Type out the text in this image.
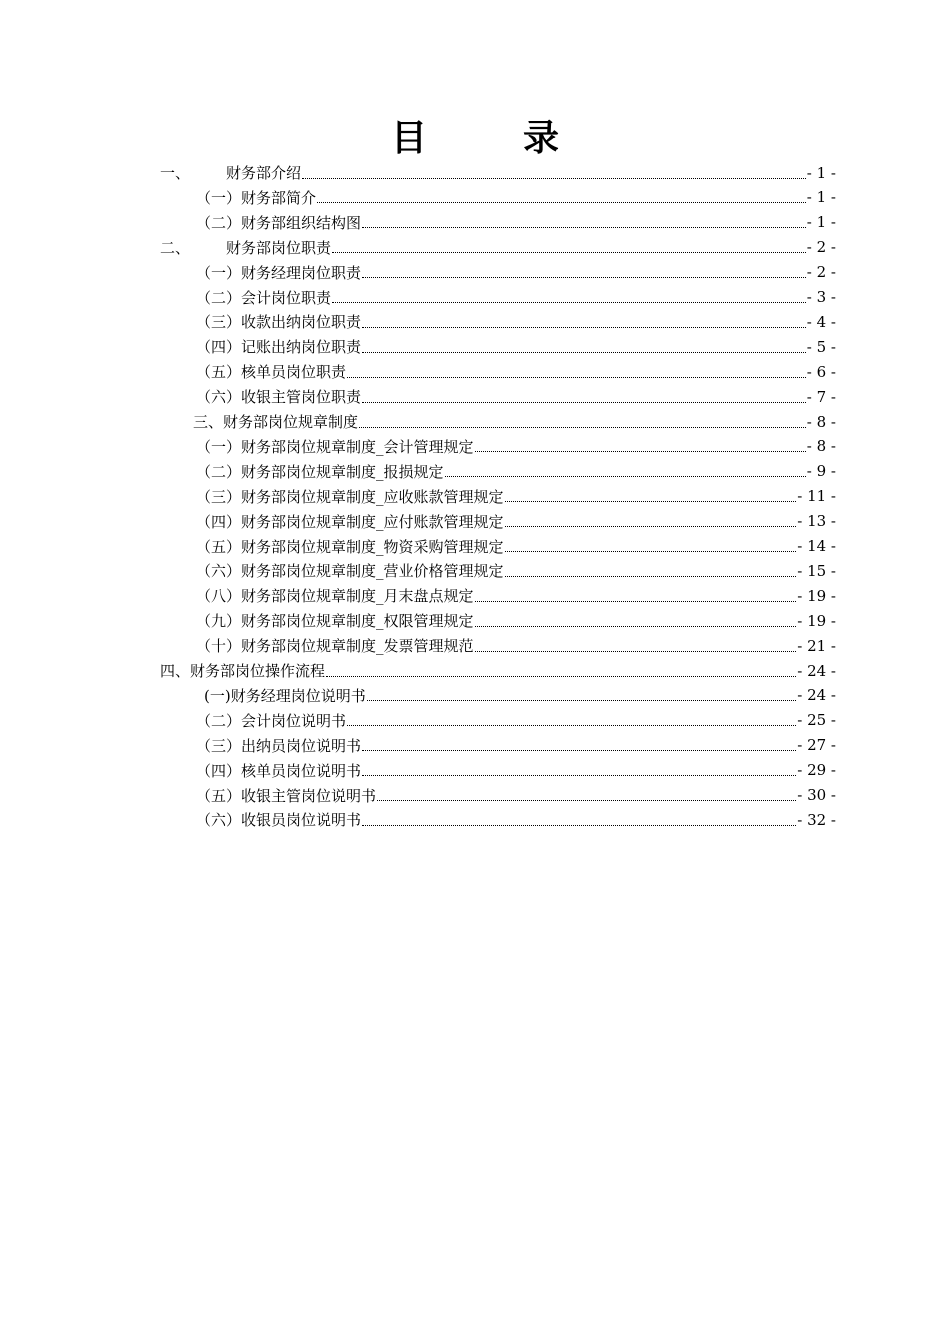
目　录
一、	财务部介绍	- 1 -
（一）财务部简介	- 1 -
（二）财务部组织结构图	- 1 -
二、	财务部岗位职责	- 2 -
（一）财务经理岗位职责	- 2 -
（二）会计岗位职责	- 3 -
（三）收款出纳岗位职责	- 4 -
（四）记账出纳岗位职责	- 5 -
（五）核单员岗位职责	- 6 -
（六）收银主管岗位职责	- 7 -
三、财务部岗位规章制度	- 8 -
（一）财务部岗位规章制度_会计管理规定	- 8 -
（二）财务部岗位规章制度_报损规定	- 9 -
（三）财务部岗位规章制度_应收账款管理规定	- 11 -
（四）财务部岗位规章制度_应付账款管理规定	- 13 -
（五）财务部岗位规章制度_物资采购管理规定	- 14 -
（六）财务部岗位规章制度_营业价格管理规定	- 15 -
（八）财务部岗位规章制度_月末盘点规定	- 19 -
（九）财务部岗位规章制度_权限管理规定	- 19 -
（十）财务部岗位规章制度_发票管理规范	- 21 -
四、财务部岗位操作流程	- 24 -
(一)财务经理岗位说明书	- 24 -
（二）会计岗位说明书	- 25 -
（三）出纳员岗位说明书	- 27 -
（四）核单员岗位说明书	- 29 -
（五）收银主管岗位说明书	- 30 -
（六）收银员岗位说明书	- 32 -
